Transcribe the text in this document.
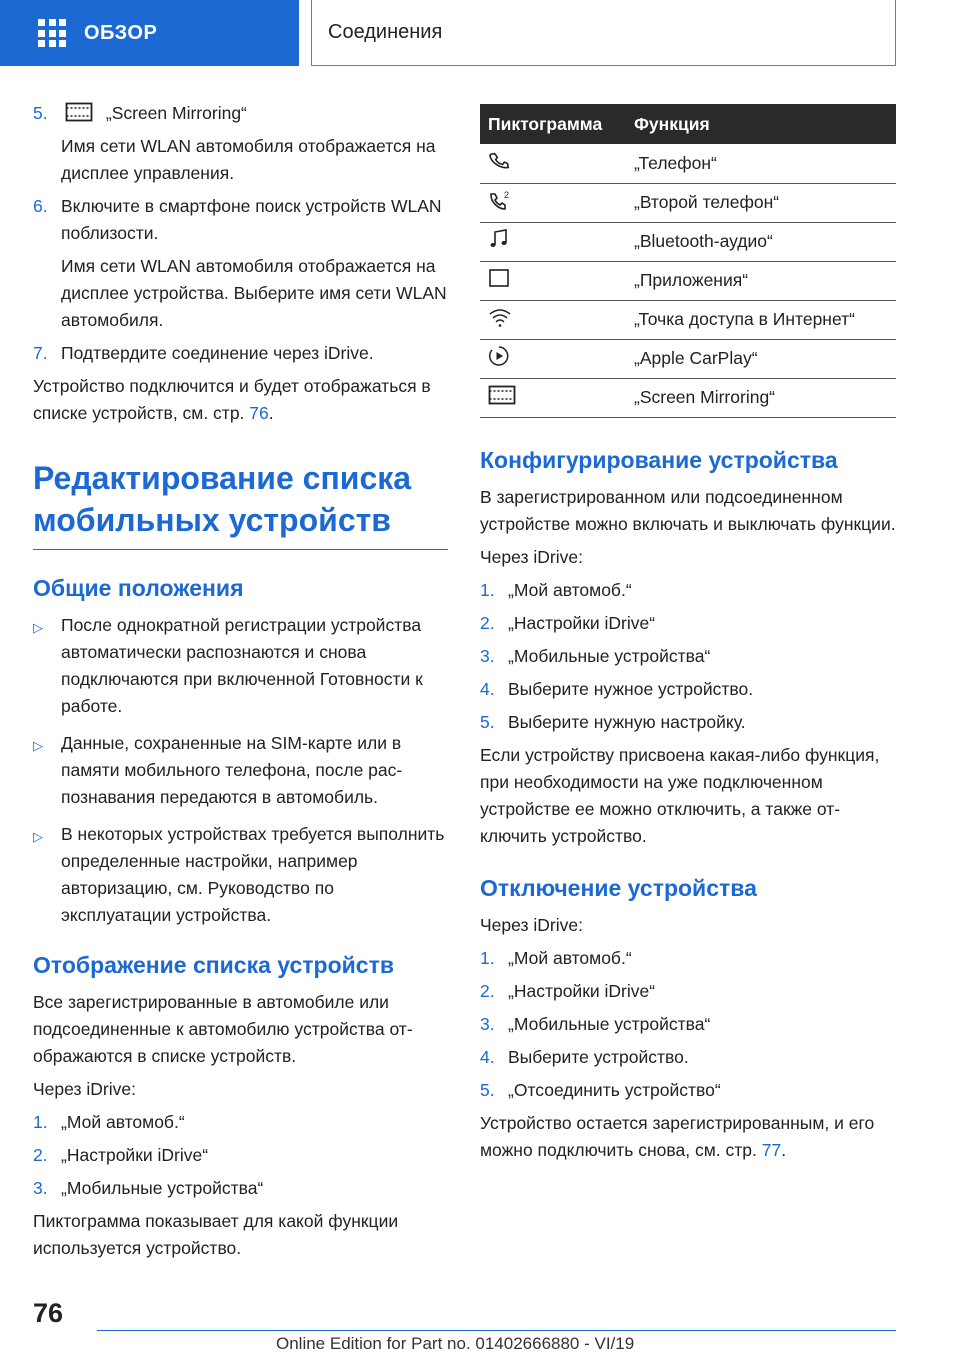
ОБЗОР	Соединения
5.	„Screen Mirroring“

Имя сети WLAN автомобиля отображается на дисплее управления.

6. Включите в смартфоне поиск устройств WLAN поблизости.

Имя сети WLAN автомобиля отображается на дисплее устройства. Выберите имя сети WLAN автомобиля.

7. Подтвердите соединение через iDrive.

Устройство подключится и будет отображаться в списке устройств, см. стр. 76.

Редактирование списка мобильных устройств
Общие положения
▷	После однократной регистрации устройства автоматически распознаются и снова подключаются при включенной Готовности к работе.
▷	Данные, сохраненные на SIM-карте или в памяти мобильного телефона, после распознавания передаются в автомобиль.
▷	В некоторых устройствах требуется выполнить определенные настройки, например авторизацию, см. Руководство по эксплуатации устройства.
Отображение списка устройств

Все зарегистрированные в автомобиле или подсоединенные к автомобилю устройства отображаются в списке устройств.

Через iDrive:

1. „Мой автомоб.“
2. „Настройки iDrive“
3. „Мобильные устройства“

Пиктограмма показывает для какой функции используется устройство.

Пиктограмма	Функция
	„Телефон“

2	„Второй телефон“
	„Bluetooth-аудио“
	„Приложения“
	„Точка доступа в Интернет“
	„Apple CarPlay“
	„Screen Mirroring“
Конфигурирование устройства

В зарегистрированном или подсоединенном устройстве можно включать и выключать функции.

Через iDrive:

1. „Мой автомоб.“
2. „Настройки iDrive“
3. „Мобильные устройства“
4. Выберите нужное устройство.
5. Выберите нужную настройку.

Если устройству присвоена какая-либо функция, при необходимости на уже подключенном устройстве ее можно отключить, а также отключить устройство.

Отключение устройства

Через iDrive:

1. „Мой автомоб.“
2. „Настройки iDrive“
3. „Мобильные устройства“
4. Выберите устройство.
5. „Отсоединить устройство“

Устройство остается зарегистрированным, и его можно подключить снова, см. стр. 77.

76
Online Edition for Part no. 01402666880 - VI/19
